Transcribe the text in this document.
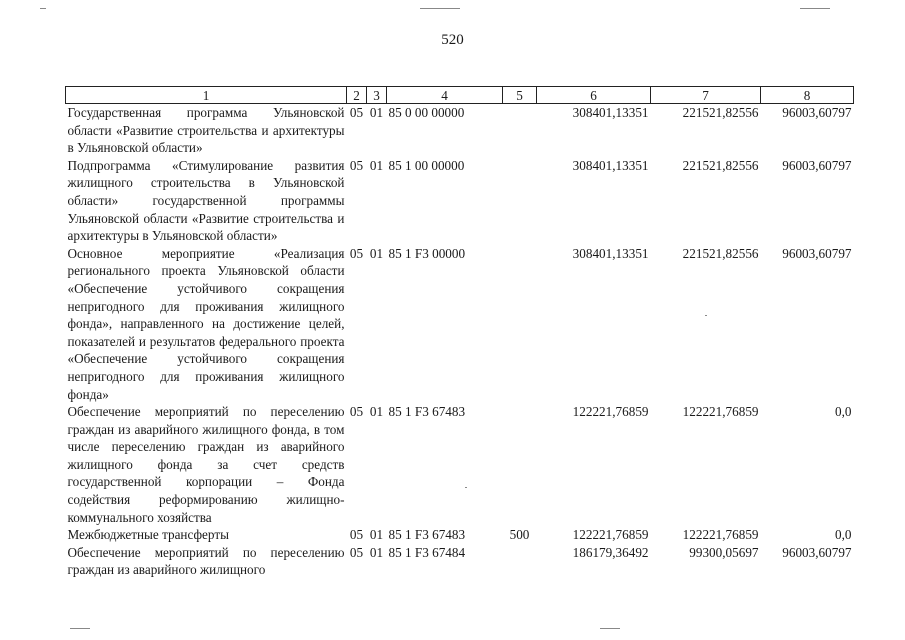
520
1	2	3	4	5	6	7	8
Государственная программа Ульяновской области «Развитие строительства и архитектуры в Ульяновской области»	05	01	85 0 00 00000		308401,13351	221521,82556	96003,60797
Подпрограмма «Стимулирование развития жилищного строительства в Ульяновской области» государственной программы Ульяновской области «Развитие строительства и архитектуры в Ульяновской области»	05	01	85 1 00 00000		308401,13351	221521,82556	96003,60797
Основное мероприятие «Реализация регионального проекта Ульяновской области «Обеспечение устойчивого сокращения непригодного для проживания жилищного фонда», направленного на достижение целей, показателей и результатов федерального проекта «Обеспечение устойчивого сокращения непригодного для проживания жилищного фонда»	05	01	85 1 F3 00000		308401,13351	221521,82556	96003,60797
Обеспечение мероприятий по переселению граждан из аварийного жилищного фонда, в том числе переселению граждан из аварийного жилищного фонда за счет средств государственной корпорации – Фонда содействия реформированию жилищно-коммунального хозяйства	05	01	85 1 F3 67483		122221,76859	122221,76859	0,0
Межбюджетные трансферты	05	01	85 1 F3 67483	500	122221,76859	122221,76859	0,0
Обеспечение мероприятий по переселению граждан из аварийного жилищного	05	01	85 1 F3 67484		186179,36492	99300,05697	96003,60797
